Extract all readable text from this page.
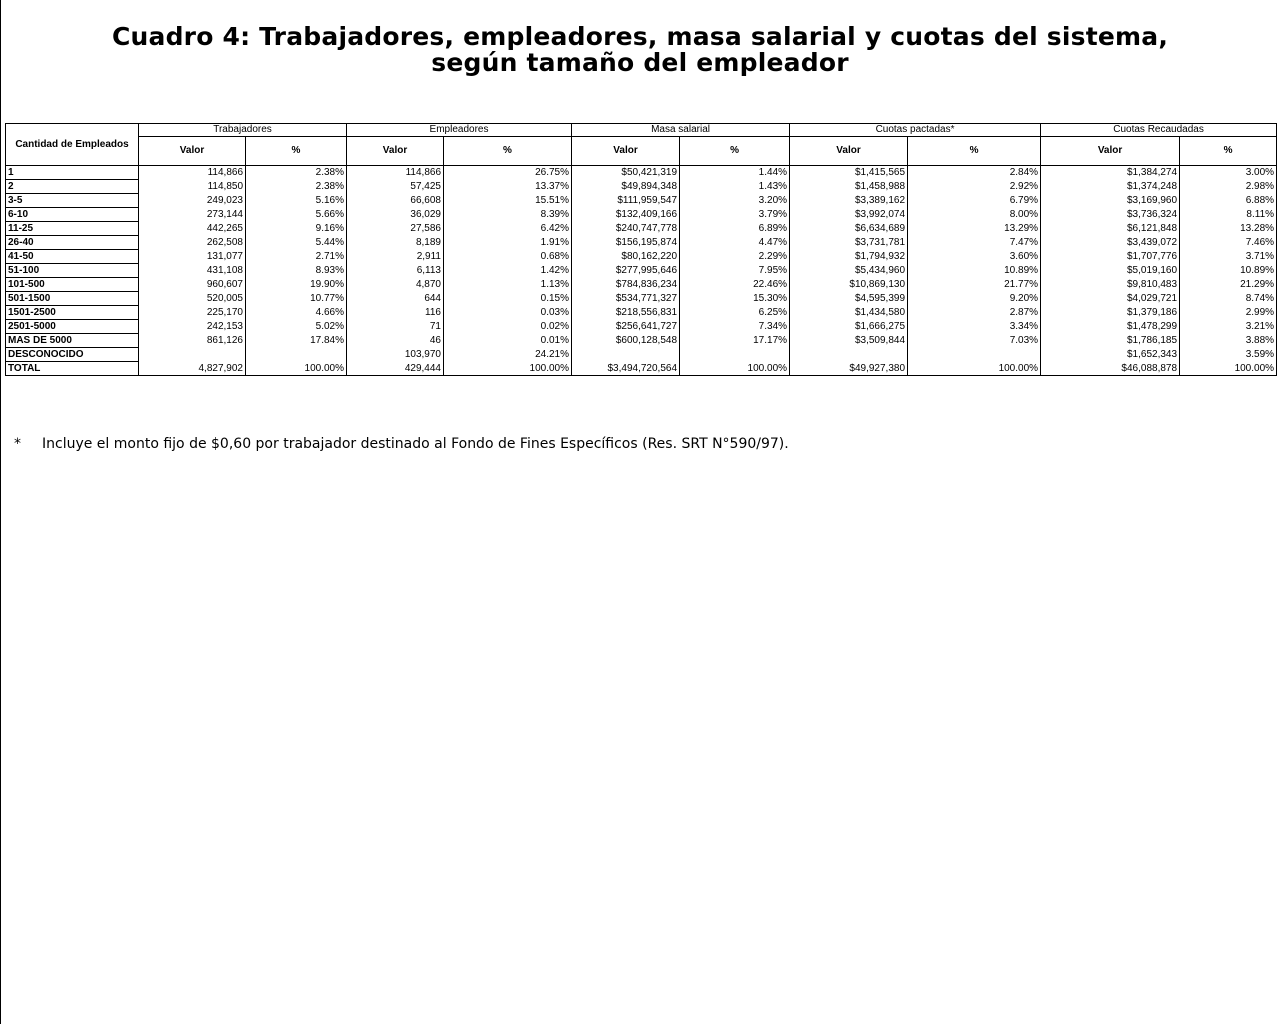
Cuadro 4: Trabajadores, empleadores, masa salarial y cuotas del sistema,
según tamaño del empleador
Cantidad de Empleados	Trabajadores		Empleadores		Masa salarial		Cuotas pactadas*		Cuotas Recaudadas	
	Valor	%	Valor	%	Valor	%	Valor	%	Valor	%
1	114,866	2.38%	114,866	26.75%	$50,421,319	1.44%	$1,415,565	2.84%	$1,384,274	3.00%
2	114,850	2.38%	57,425	13.37%	$49,894,348	1.43%	$1,458,988	2.92%	$1,374,248	2.98%
3-5	249,023	5.16%	66,608	15.51%	$111,959,547	3.20%	$3,389,162	6.79%	$3,169,960	6.88%
6-10	273,144	5.66%	36,029	8.39%	$132,409,166	3.79%	$3,992,074	8.00%	$3,736,324	8.11%
11-25	442,265	9.16%	27,586	6.42%	$240,747,778	6.89%	$6,634,689	13.29%	$6,121,848	13.28%
26-40	262,508	5.44%	8,189	1.91%	$156,195,874	4.47%	$3,731,781	7.47%	$3,439,072	7.46%
41-50	131,077	2.71%	2,911	0.68%	$80,162,220	2.29%	$1,794,932	3.60%	$1,707,776	3.71%
51-100	431,108	8.93%	6,113	1.42%	$277,995,646	7.95%	$5,434,960	10.89%	$5,019,160	10.89%
101-500	960,607	19.90%	4,870	1.13%	$784,836,234	22.46%	$10,869,130	21.77%	$9,810,483	21.29%
501-1500	520,005	10.77%	644	0.15%	$534,771,327	15.30%	$4,595,399	9.20%	$4,029,721	8.74%
1501-2500	225,170	4.66%	116	0.03%	$218,556,831	6.25%	$1,434,580	2.87%	$1,379,186	2.99%
2501-5000	242,153	5.02%	71	0.02%	$256,641,727	7.34%	$1,666,275	3.34%	$1,478,299	3.21%
MAS DE 5000	861,126	17.84%	46	0.01%	$600,128,548	17.17%	$3,509,844	7.03%	$1,786,185	3.88%
DESCONOCIDO			103,970	24.21%					$1,652,343	3.59%
TOTAL	4,827,902	100.00%	429,444	100.00%	$3,494,720,564	100.00%	$49,927,380	100.00%	$46,088,878	100.00%
* Incluye el monto fijo de $0,60 por trabajador destinado al Fondo de Fines Específicos (Res. SRT N°590/97).
